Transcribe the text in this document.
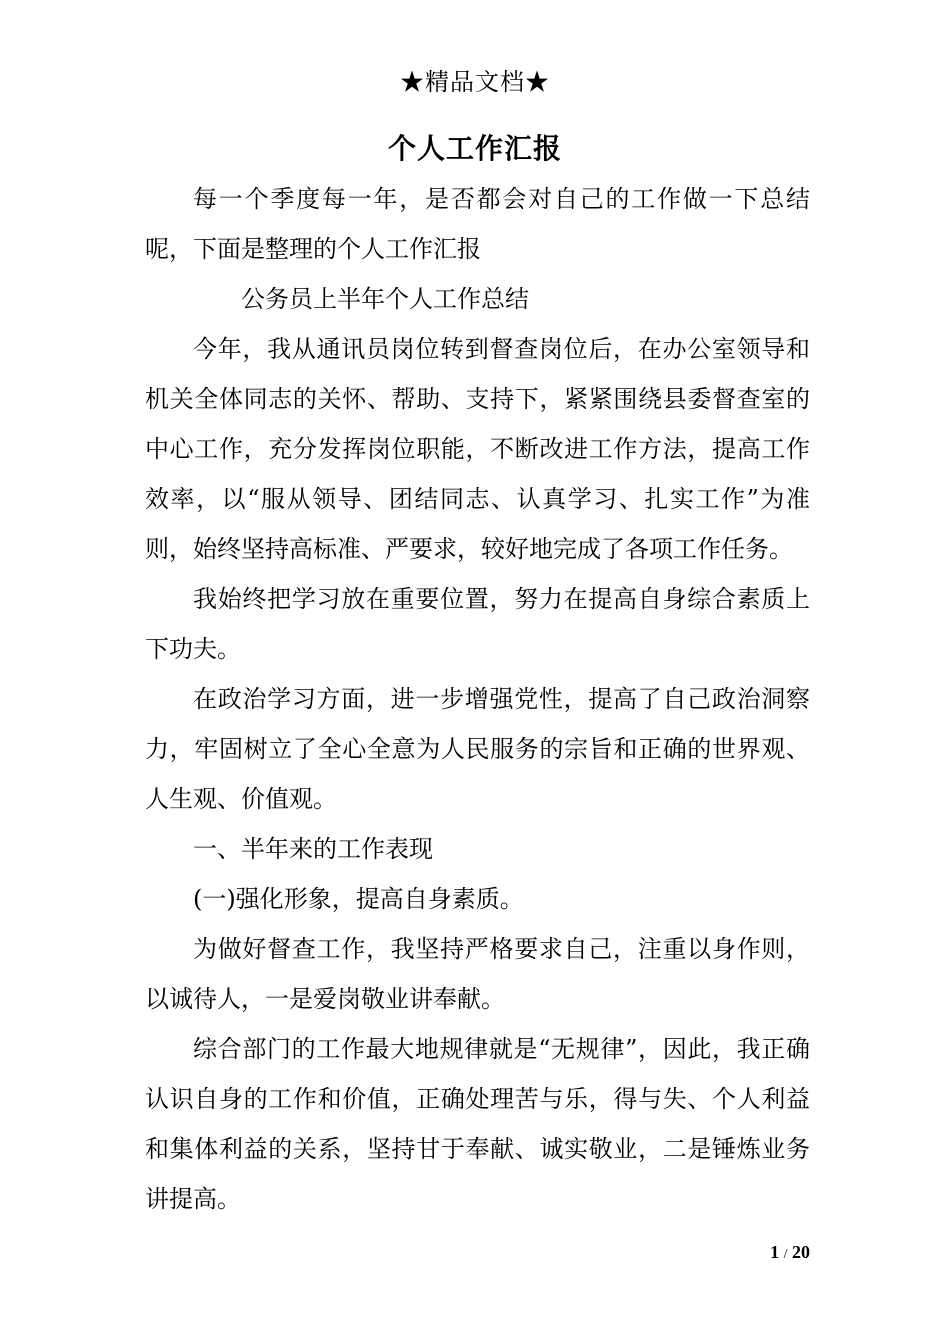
★精品文档★
个人工作汇报

每一个季度每一年，是否都会对自己的工作做一下总结呢，下面是整理的个人工作汇报

公务员上半年个人工作总结

今年，我从通讯员岗位转到督查岗位后，在办公室领导和机关全体同志的关怀、帮助、支持下，紧紧围绕县委督查室的中心工作，充分发挥岗位职能，不断改进工作方法，提高工作效率，以“服从领导、团结同志、认真学习、扎实工作”为准则，始终坚持高标准、严要求，较好地完成了各项工作任务。

我始终把学习放在重要位置，努力在提高自身综合素质上下功夫。

在政治学习方面，进一步增强党性，提高了自己政治洞察力，牢固树立了全心全意为人民服务的宗旨和正确的世界观、人生观、价值观。

一、半年来的工作表现

(一)强化形象，提高自身素质。

为做好督查工作，我坚持严格要求自己，注重以身作则，以诚待人，一是爱岗敬业讲奉献。

综合部门的工作最大地规律就是“无规律”，因此，我正确认识自身的工作和价值，正确处理苦与乐，得与失、个人利益和集体利益的关系，坚持甘于奉献、诚实敬业，二是锤炼业务讲提高。

1 / 20
